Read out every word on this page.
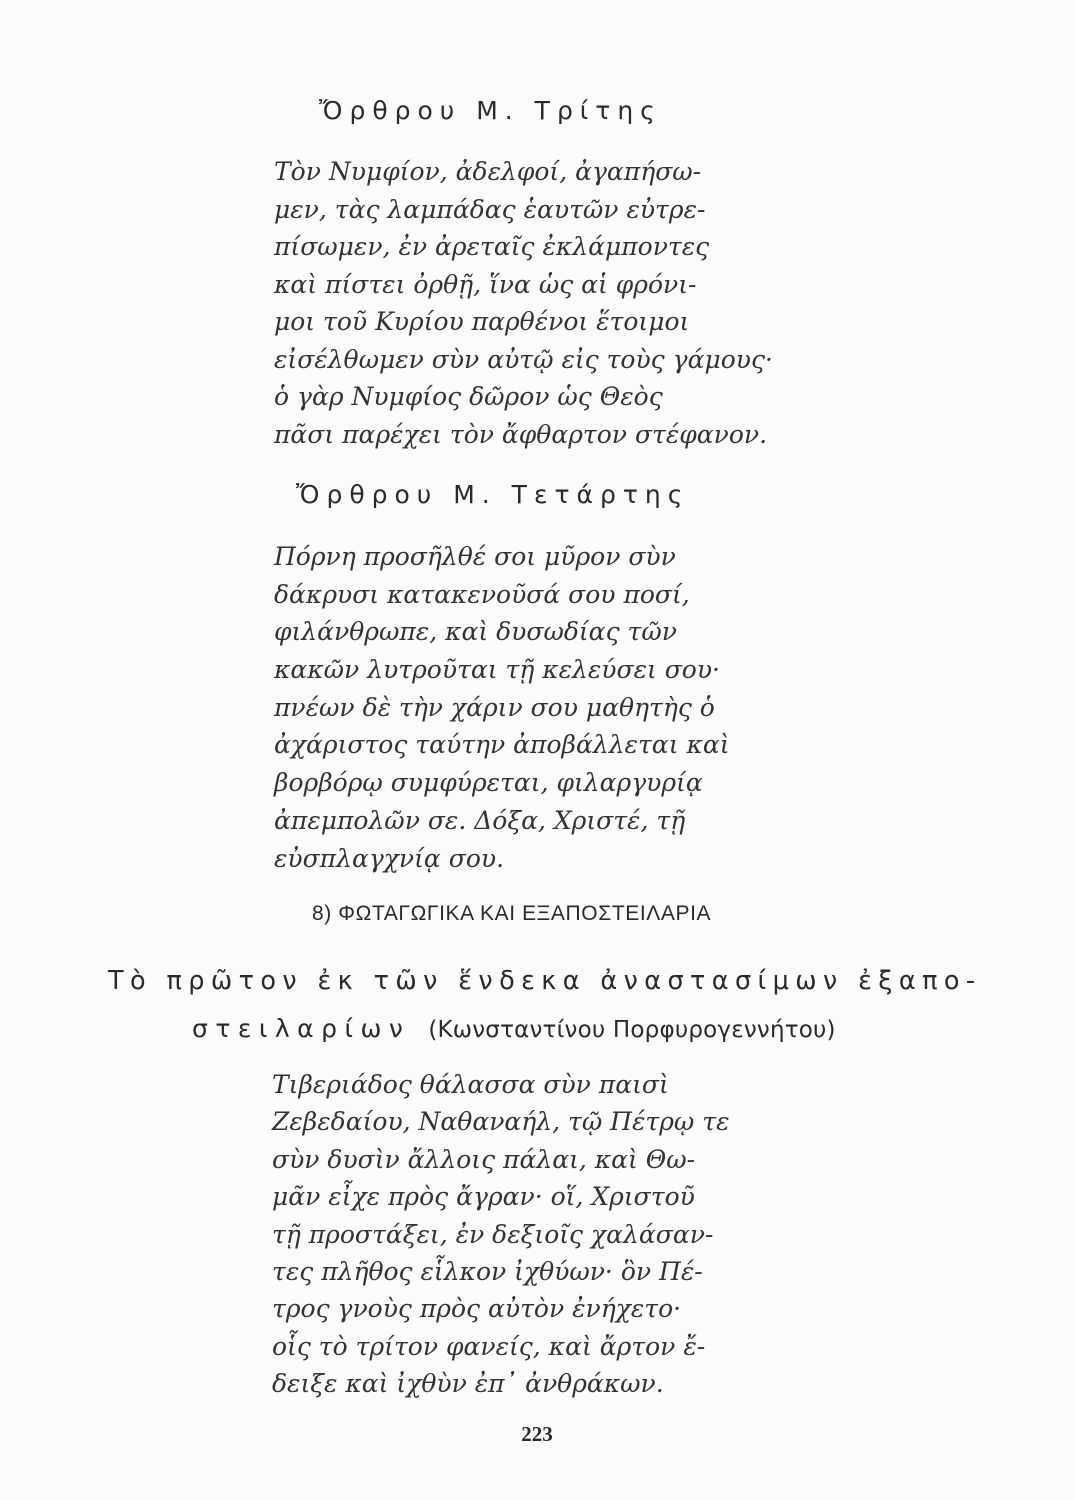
Ὄρθρου Μ. Τρίτης
Τὸν Νυμφίον, ἀδελφοί, ἀγαπήσω-
μεν, τὰς λαμπάδας ἑαυτῶν εὐτρε-
πίσωμεν, ἐν ἀρεταῖς ἐκλάμποντες
καὶ πίστει ὀρθῇ, ἵνα ὡς αἱ φρόνι-
μοι τοῦ Κυρίου παρθένοι ἕτοιμοι
εἰσέλθωμεν σὺν αὐτῷ εἰς τοὺς γάμους·
ὁ γὰρ Νυμφίος δῶρον ὡς Θεὸς
πᾶσι παρέχει τὸν ἄφθαρτον στέφανον.
Ὄρθρου Μ. Τετάρτης
Πόρνη προσῆλθέ σοι μῦρον σὺν
δάκρυσι κατακενοῦσά σου ποσί,
φιλάνθρωπε, καὶ δυσωδίας τῶν
κακῶν λυτροῦται τῇ κελεύσει σου·
πνέων δὲ τὴν χάριν σου μαθητὴς ὁ
ἀχάριστος ταύτην ἀποβάλλεται καὶ
βορβόρῳ συμφύρεται, φιλαργυρίᾳ
ἀπεμπολῶν σε. Δόξα, Χριστέ, τῇ
εὐσπλαγχνίᾳ σου.
8) ΦΩΤΑΓΩΓΙΚΑ ΚΑΙ ΕΞΑΠΟΣΤΕΙΛΑΡΙΑ
Τὸ πρῶτον ἐκ τῶν ἕνδεκα ἀναστασίμων ἐξαπο-
στειλαρίων (Κωνσταντίνου Πορφυρογεννήτου)
Τιβεριάδος θάλασσα σὺν παισὶ
Ζεβεδαίου, Ναθαναήλ, τῷ Πέτρῳ τε
σὺν δυσὶν ἄλλοις πάλαι, καὶ Θω-
μᾶν εἶχε πρὸς ἄγραν· οἵ, Χριστοῦ
τῇ προστάξει, ἐν δεξιοῖς χαλάσαν-
τες πλῆθος εἷλκον ἰχθύων· ὃν Πέ-
τρος γνοὺς πρὸς αὐτὸν ἐνήχετο·
οἷς τὸ τρίτον φανείς, καὶ ἄρτον ἔ-
δειξε καὶ ἰχθὺν ἐπ᾿ ἀνθράκων.
223
